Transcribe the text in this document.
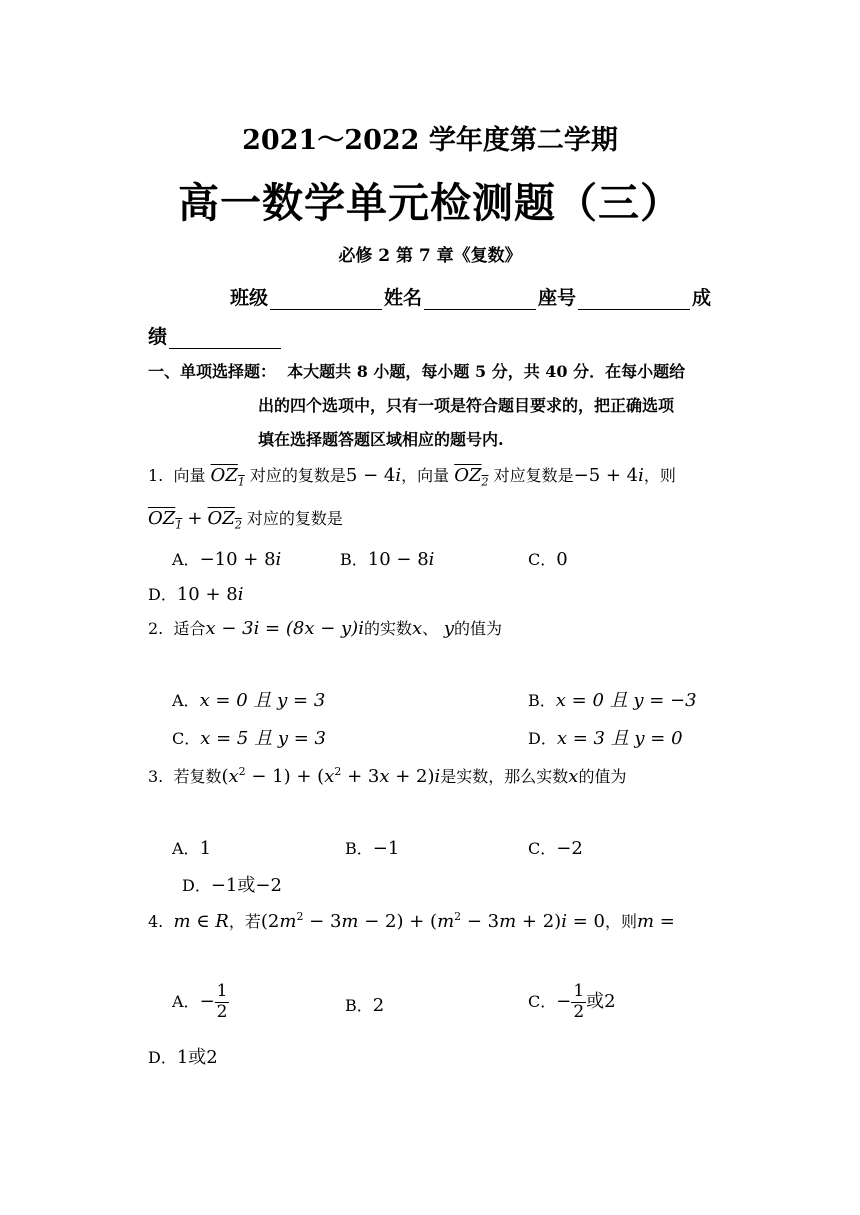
2021～2022 学年度第二学期
高一数学单元检测题（三）
必修 2 第 7 章《复数》
班级	姓名	座号	成
绩
一、单项选择题： 本大题共 8 小题，每小题 5 分，共 40 分．在每小题给
出的四个选项中，只有一项是符合题目要求的，把正确选项
填在选择题答题区域相应的题号内.
1. 向量 $OZ_1$ 对应的复数是5 − 4i，向量 $OZ_2$ 对应复数是−5 + 4i，则
$OZ_1 + OZ_2$ 对应的复数是
A．−10 + 8i	B．10 − 8i	C．0
D．10 + 8i
2. 适合x − 3i = (8x − y)i的实数x、 y的值为
A．x = 0 且 y = 3	B．x = 0 且 y = −3
C．x = 5 且 y = 3	D．x = 3 且 y = 0
3. 若复数$(x^2 - 1) + (x^2 + 3x + 2)i$是实数，那么实数x的值为
A．1	B．−1	C．−2
D．−1或−2
4. m ∈ R，若$(2m^2 - 3m - 2) + (m^2 - 3m + 2)i = 0$，则m =
A．− $\frac{1}{2}$	B．2	C．− $\frac{1}{2}$ 或2
D．1或2
